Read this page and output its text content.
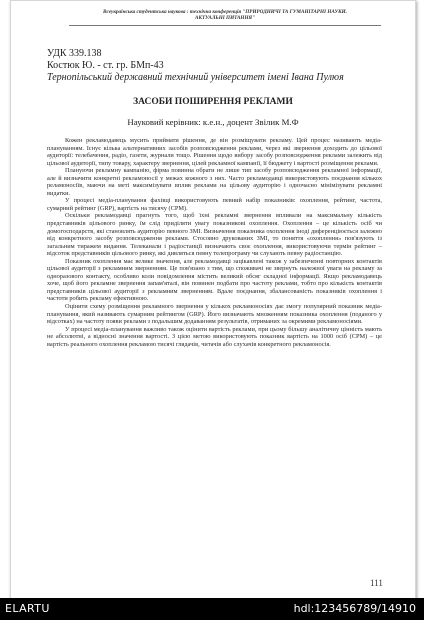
Всеукраїнська студентська наукова : технічна конференція "ПРИРОДНИЧІ ТА ГУМАНІТАРНІ НАУКИ.
АКТУАЛЬНІ ПИТАННЯ"
УДК 339.138
Костюк Ю. - ст. гр. БМп-43
Тернопільський державний технічний університет імені Івана Пулюя
ЗАСОБИ ПОШИРЕННЯ РЕКЛАМИ
Науковий керівник: к.е.н., доцент Звілик М.Ф

Кожен рекламодавець мусить приймати рішення, де він розміщувати рекламу. Цей процес називають медіа-плануванням. Існує кілька альтернативних засобів розповсюдження реклами, через які звернення доходить до цільової аудиторії: телебачення, радіо, газети, журнали тощо. Рішення щодо вибору засобу розповсюдження реклами залежить від цільової аудиторії, типу товару, характеру звернення, цілей рекламної кампанії, її бюджету і вартості розміщення реклами.

Плануючи рекламну кампанію, фірма повинна обрати не лише тип засобу розповсюдження рекламної інформації, але й визначити конкретні рекламоносії у межах кожного з них. Часто рекламодавці використовують поєднання кількох реламоносіїв, маючи на меті максимізувати вплив реклами на цільову аудиторію і одночасно мінімізувати рекламні видатки.

У процесі медіа-планування фахівці використовують певний набір показників: охоплення, рейтинг, частота, сумарний рейтинг (GRP), вартість на тисячу (CPM).

Оскільки рекламодавці прагнуть того, щоб їхні рекламні звернення впливали на максимальну кількість представників цільового ринку, їм слід приділяти увагу показникові охоплення. Охоплення – це кількість осіб чи домогосподарств, які становлять аудиторію певного ЗМІ. Визначення показника охоплення іноді диференціюється залежно від конкретного засобу розповсюдження реклами. Стосовно друкованих ЗМІ, то поняття «охоплення» пов'язують із загальним тиражем видання. Телеканали і радіостанції визначають своє охоплення, використовуючи термін рейтинг – відсоток представників цільового ринку, які дивляться певну телепрограму чи слухають певну радіостанцію.

Показник охоплення має велике значення, але рекламодавці зацікавлені також у забезпеченні повторних контактів цільової аудиторії з рекламним зверненням. Це пов'язано з тим, що споживачі не звернуть належної уваги на рекламу за одноразового контакту, особливо коли повідомлення містить великий обсяг складної інформації. Якщо рекламодавець хоче, щоб його рекламне звернення запам'яталі, він повинен подбати про частоту реклами, тобто про кількість контактів представників цільової аудиторії з рекламним зверненням. Вдале поєднання, збалансованість показників охоплення і частоти робить рекламу ефективною.

Оцінити схему розміщення рекламного звернення у кількох рекламоносіях дає змогу популярний показник медіа-планування, який називають сумарним рейтингом (GRP). Його визначають множенням показника охоплення (поданого у відсотках) на частоту появи реклами з подальшим додаванням результатів, отриманих за окремими рекламоносіями.

У процесі медіа-планування важливо також оцінити вартість реклами, при цьому більшу аналітичну цінність мають не абсолютні, а відносні значення вартості. З цією метою використовують показник вартість на 1000 осіб (CPM) – це вартість реального охоплення рекламою тисячі глядачів, читачів або слухачів конкретного рекламоносія.

111
ELARTU	hdl:123456789/14910
